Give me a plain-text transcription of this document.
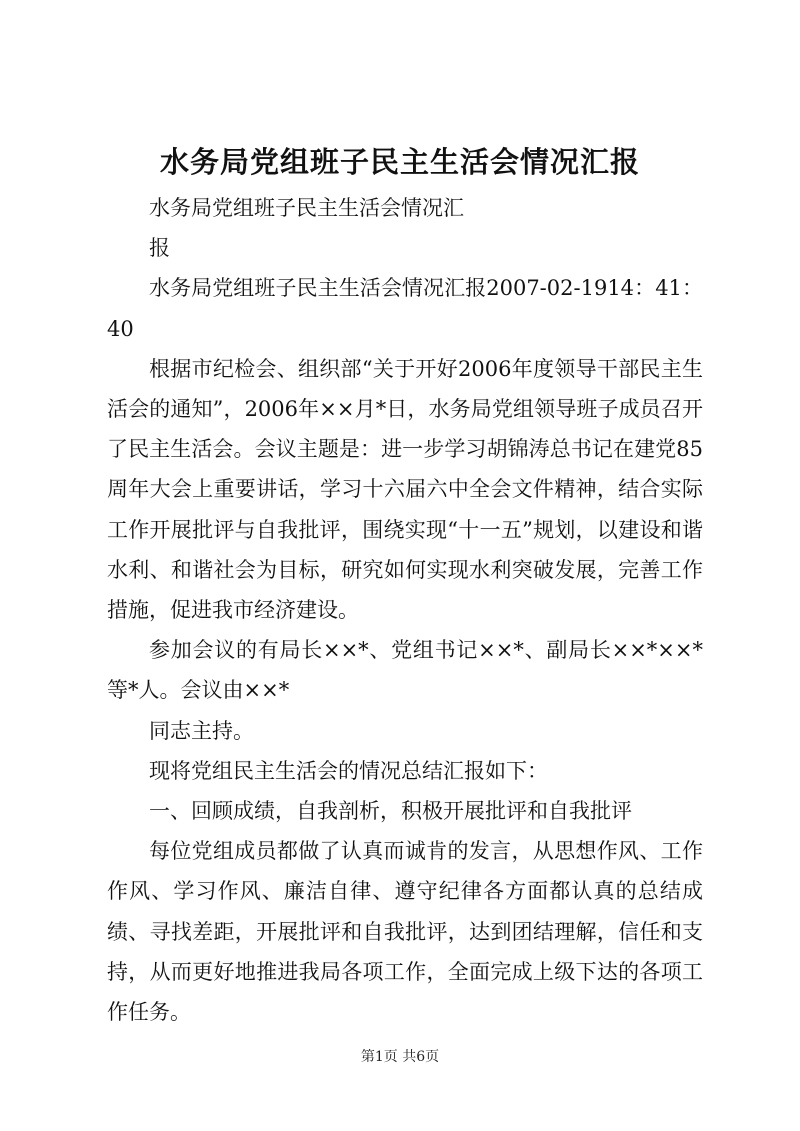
水务局党组班子民主生活会情况汇报

水务局党组班子民主生活会情况汇

报

水务局党组班子民主生活会情况汇报2007-02-1914：41：40

根据市纪检会、组织部“关于开好2006年度领导干部民主生活会的通知”，2006年××月*日，水务局党组领导班子成员召开了民主生活会。会议主题是：进一步学习胡锦涛总书记在建党85周年大会上重要讲话，学习十六届六中全会文件精神，结合实际工作开展批评与自我批评，围绕实现“十一五”规划，以建设和谐水利、和谐社会为目标，研究如何实现水利突破发展，完善工作措施，促进我市经济建设。

参加会议的有局长××*、党组书记××*、副局长××*××*等*人。会议由××*

同志主持。

现将党组民主生活会的情况总结汇报如下：

一、回顾成绩，自我剖析，积极开展批评和自我批评

每位党组成员都做了认真而诚肯的发言，从思想作风、工作作风、学习作风、廉洁自律、遵守纪律各方面都认真的总结成绩、寻找差距，开展批评和自我批评，达到团结理解，信任和支持，从而更好地推进我局各项工作，全面完成上级下达的各项工作任务。

第1页 共6页
